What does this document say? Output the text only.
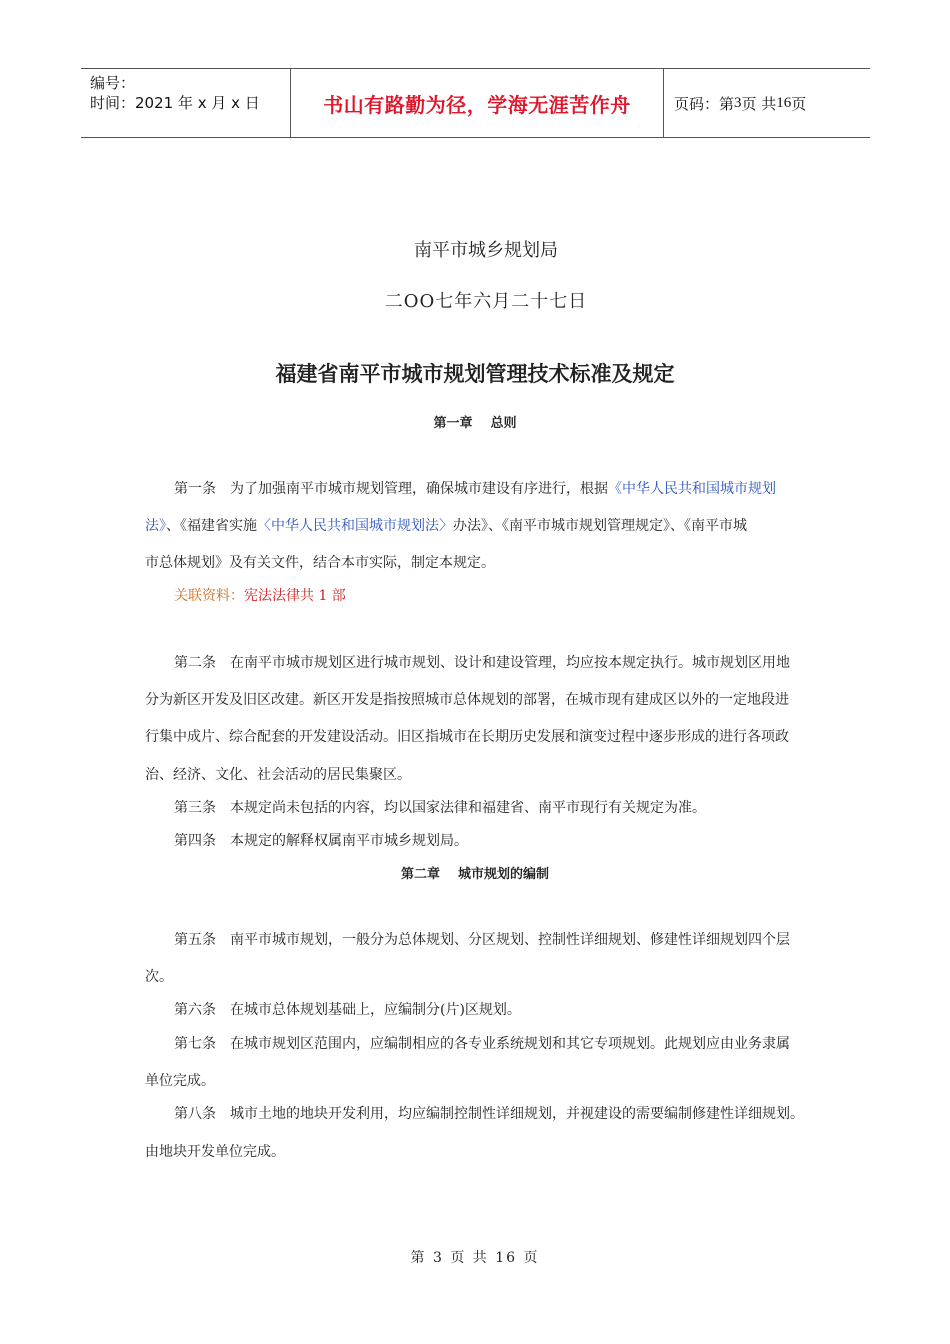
编号：
时间：2021 年 x 月 x 日	书山有路勤为径，学海无涯苦作舟	页码：第 3 页 共 16 页
南平市城乡规划局
二OO七年六月二十七日
福建省南平市城市规划管理技术标准及规定
第一章 总则
第一条　为了加强南平市城市规划管理，确保城市建设有序进行，根据《中华人民共和国城市规划
法》、《福建省实施〈中华人民共和国城市规划法〉办法》、《南平市城市规划管理规定》、《南平市城
市总体规划》及有关文件，结合本市实际，制定本规定。
关联资料：宪法法律共 1 部
第二条　在南平市城市规划区进行城市规划、设计和建设管理，均应按本规定执行。城市规划区用地
分为新区开发及旧区改建。新区开发是指按照城市总体规划的部署，在城市现有建成区以外的一定地段进
行集中成片、综合配套的开发建设活动。旧区指城市在长期历史发展和演变过程中逐步形成的进行各项政
治、经济、文化、社会活动的居民集聚区。
第三条　本规定尚未包括的内容，均以国家法律和福建省、南平市现行有关规定为准。
第四条　本规定的解释权属南平市城乡规划局。
第二章 城市规划的编制
第五条　南平市城市规划，一般分为总体规划、分区规划、控制性详细规划、修建性详细规划四个层
次。
第六条　在城市总体规划基础上，应编制分(片)区规划。
第七条　在城市规划区范围内，应编制相应的各专业系统规划和其它专项规划。此规划应由业务隶属
单位完成。
第八条　城市土地的地块开发利用，均应编制控制性详细规划，并视建设的需要编制修建性详细规划。
由地块开发单位完成。
第 3 页 共 16 页
